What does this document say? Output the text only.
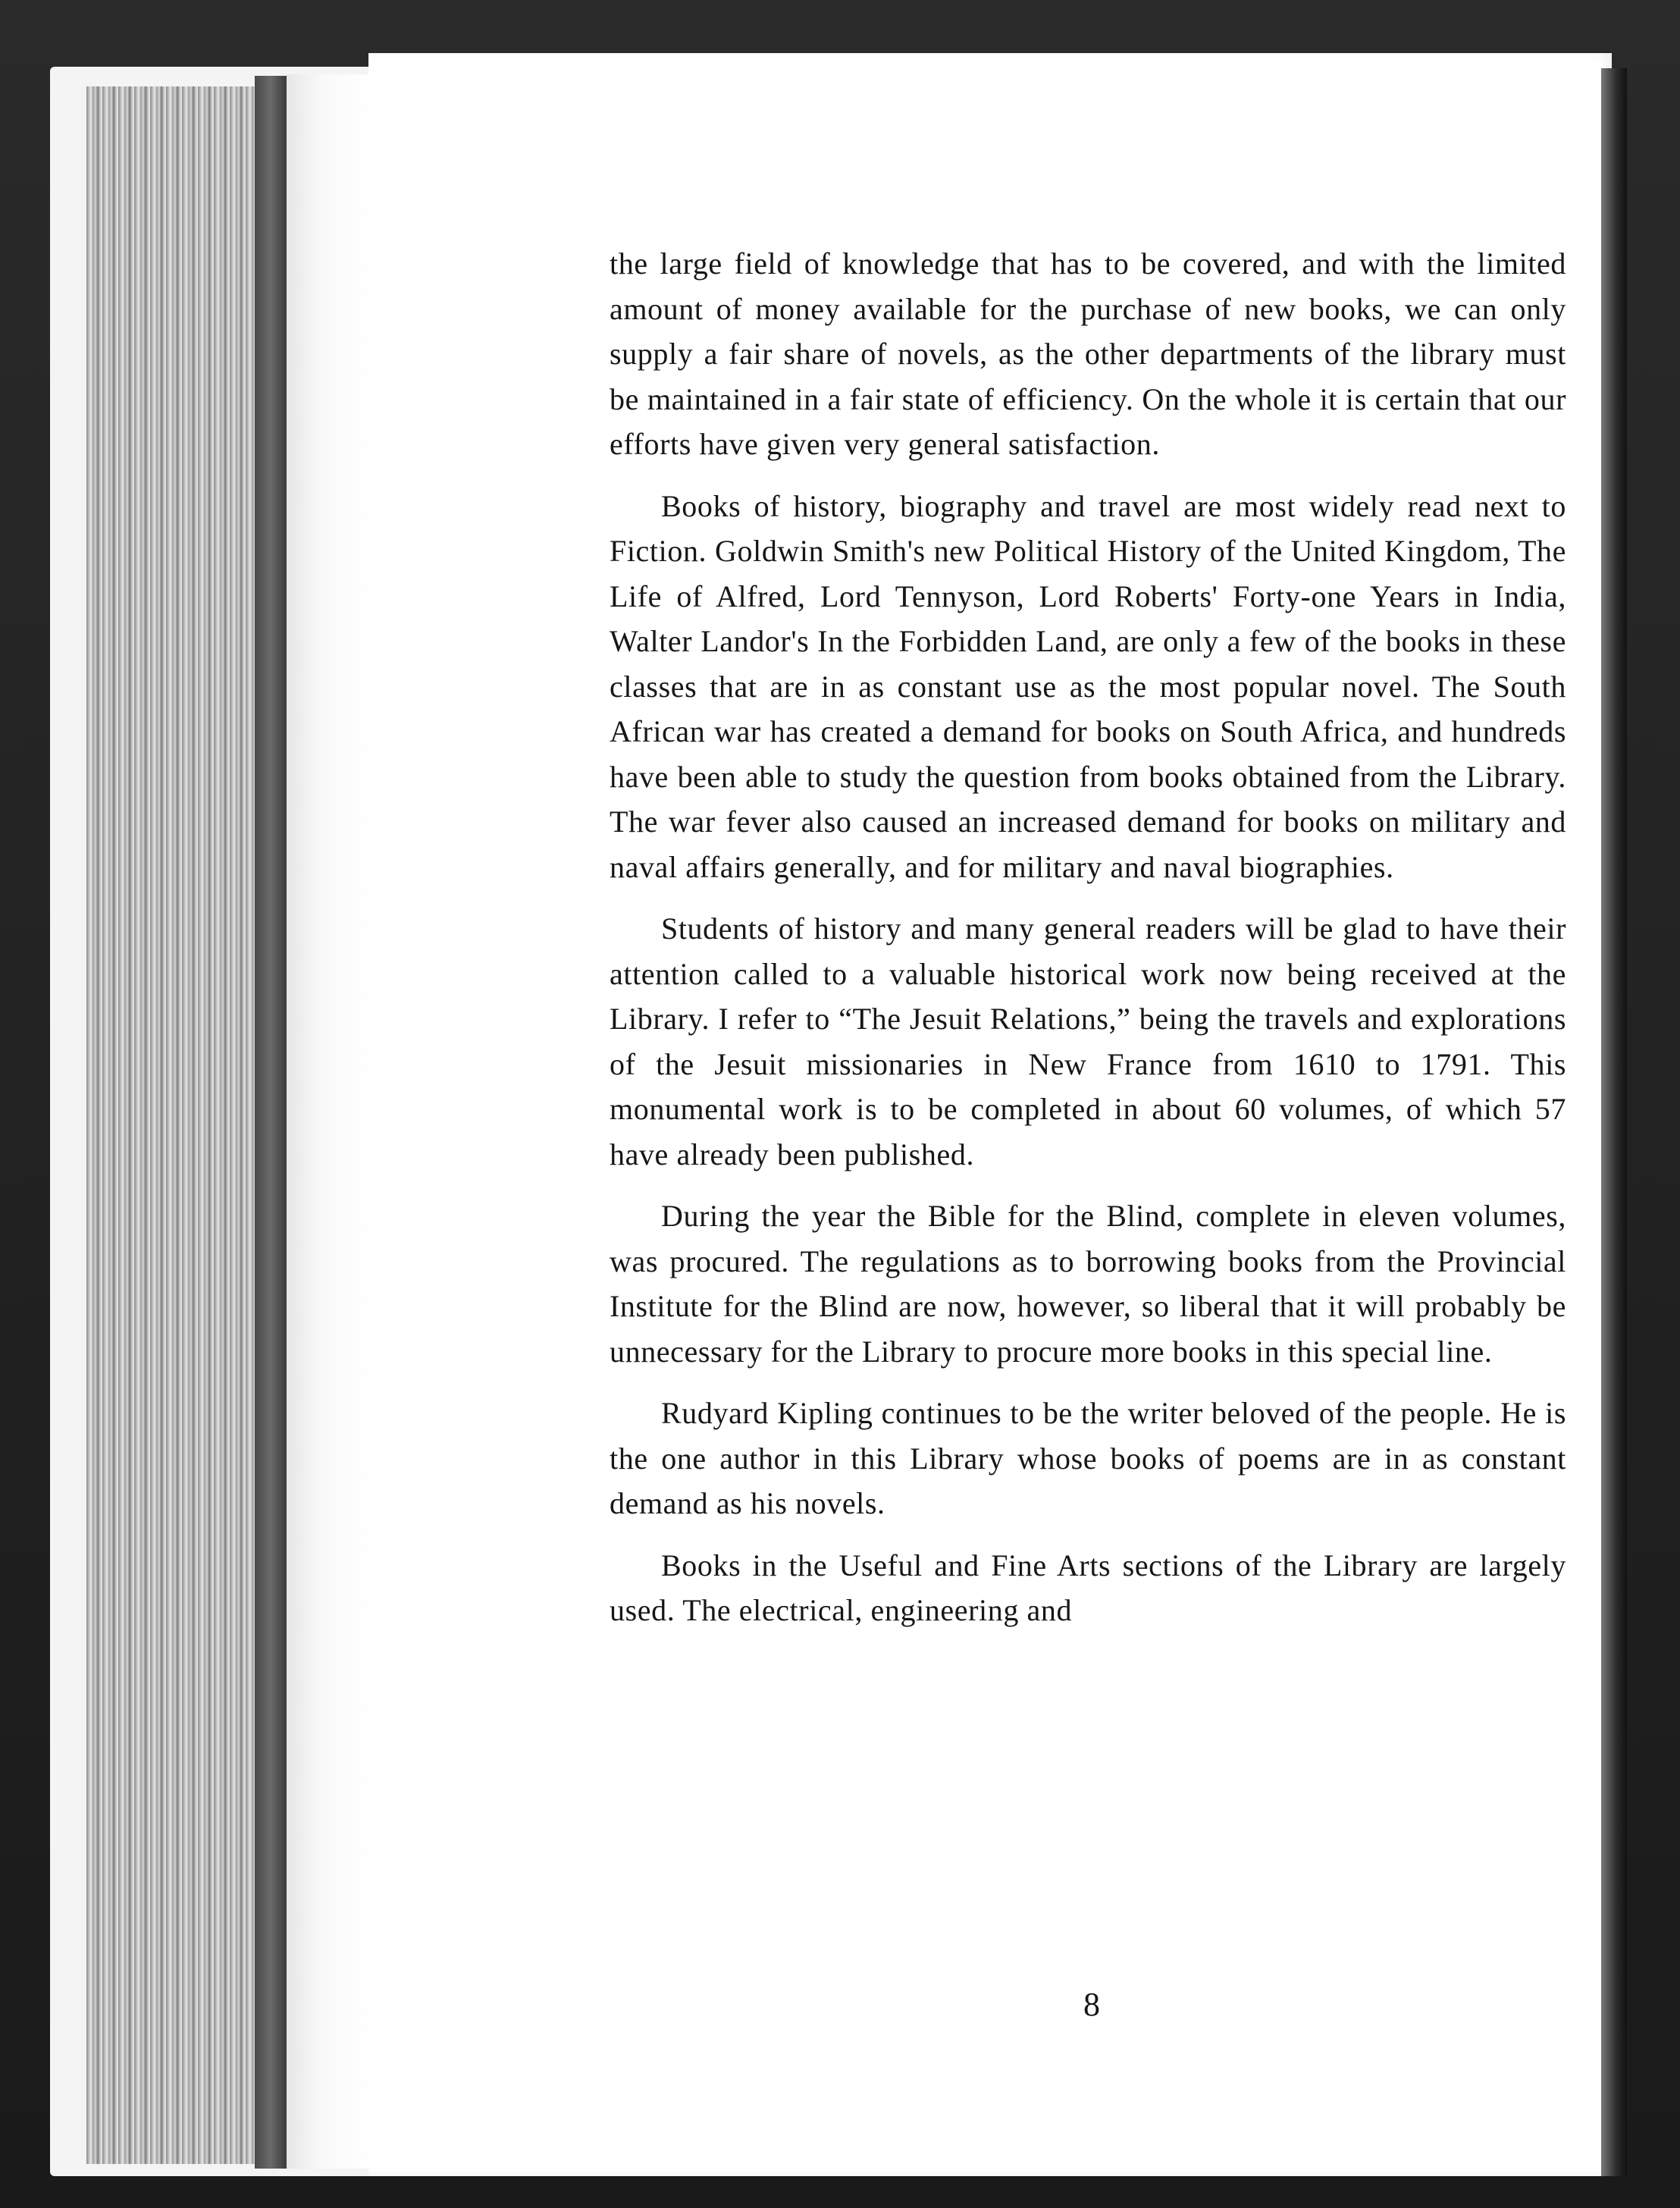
the large field of knowledge that has to be covered, and with the limited amount of money available for the purchase of new books, we can only supply a fair share of novels, as the other departments of the library must be maintained in a fair state of efficiency. On the whole it is certain that our efforts have given very general satisfaction.

Books of history, biography and travel are most widely read next to Fiction. Goldwin Smith's new Political History of the United Kingdom, The Life of Alfred, Lord Tennyson, Lord Roberts' Forty-one Years in India, Walter Landor's In the Forbidden Land, are only a few of the books in these classes that are in as constant use as the most popular novel. The South African war has created a demand for books on South Africa, and hundreds have been able to study the question from books obtained from the Library. The war fever also caused an increased demand for books on military and naval affairs generally, and for military and naval biographies.

Students of history and many general readers will be glad to have their attention called to a valuable historical work now being received at the Library. I refer to “The Jesuit Relations,” being the travels and explorations of the Jesuit missionaries in New France from 1610 to 1791. This monumental work is to be completed in about 60 volumes, of which 57 have already been published.

During the year the Bible for the Blind, complete in eleven volumes, was procured. The regulations as to borrowing books from the Provincial Institute for the Blind are now, however, so liberal that it will probably be unnecessary for the Library to procure more books in this special line.

Rudyard Kipling continues to be the writer beloved of the people. He is the one author in this Library whose books of poems are in as constant demand as his novels.

Books in the Useful and Fine Arts sections of the Library are largely used. The electrical, engineering and

8
